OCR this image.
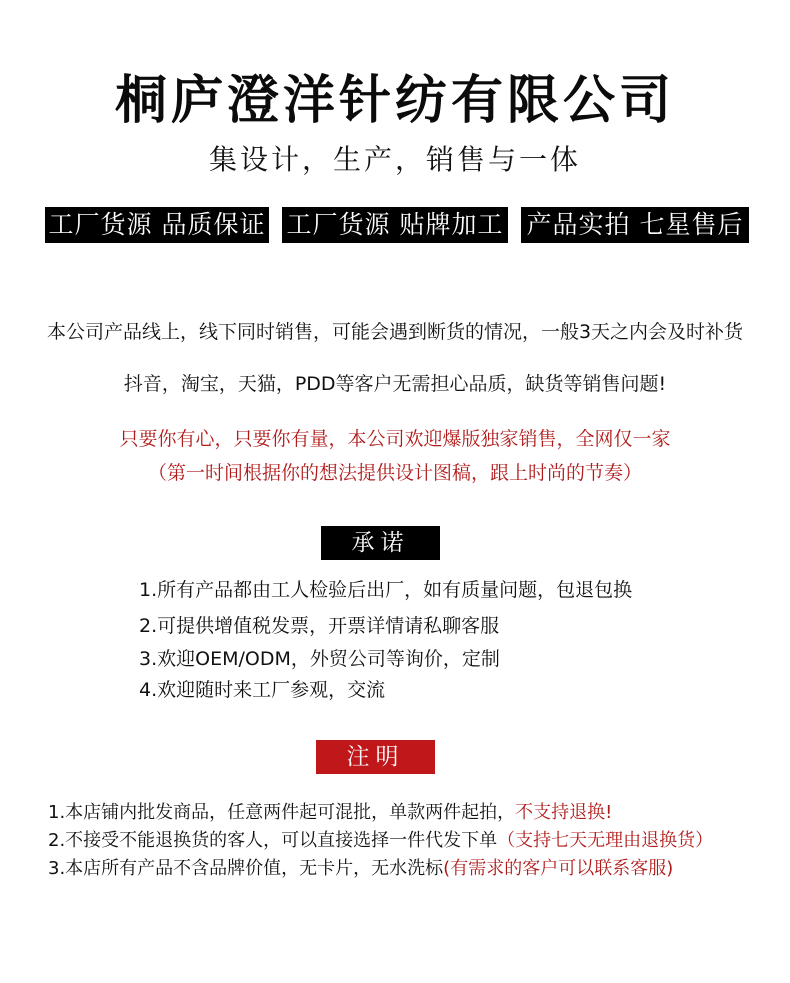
桐庐澄洋针纺有限公司
集设计，生产，销售与一体
工厂货源 品质保证 工厂货源 贴牌加工 产品实拍 七星售后
本公司产品线上，线下同时销售，可能会遇到断货的情况，一般3天之内会及时补货
抖音，淘宝，天猫，PDD等客户无需担心品质，缺货等销售问题!
只要你有心，只要你有量，本公司欢迎爆版独家销售，全网仅一家
（第一时间根据你的想法提供设计图稿，跟上时尚的节奏）
承诺
1.所有产品都由工人检验后出厂，如有质量问题，包退包换
2.可提供增值税发票，开票详情请私聊客服
3.欢迎OEM/ODM，外贸公司等询价，定制
4.欢迎随时来工厂参观，交流
注明
1.本店铺内批发商品，任意两件起可混批，单款两件起拍，不支持退换!
2.不接受不能退换货的客人，可以直接选择一件代发下单（支持七天无理由退换货）
3.本店所有产品不含品牌价值，无卡片，无水洗标(有需求的客户可以联系客服)
